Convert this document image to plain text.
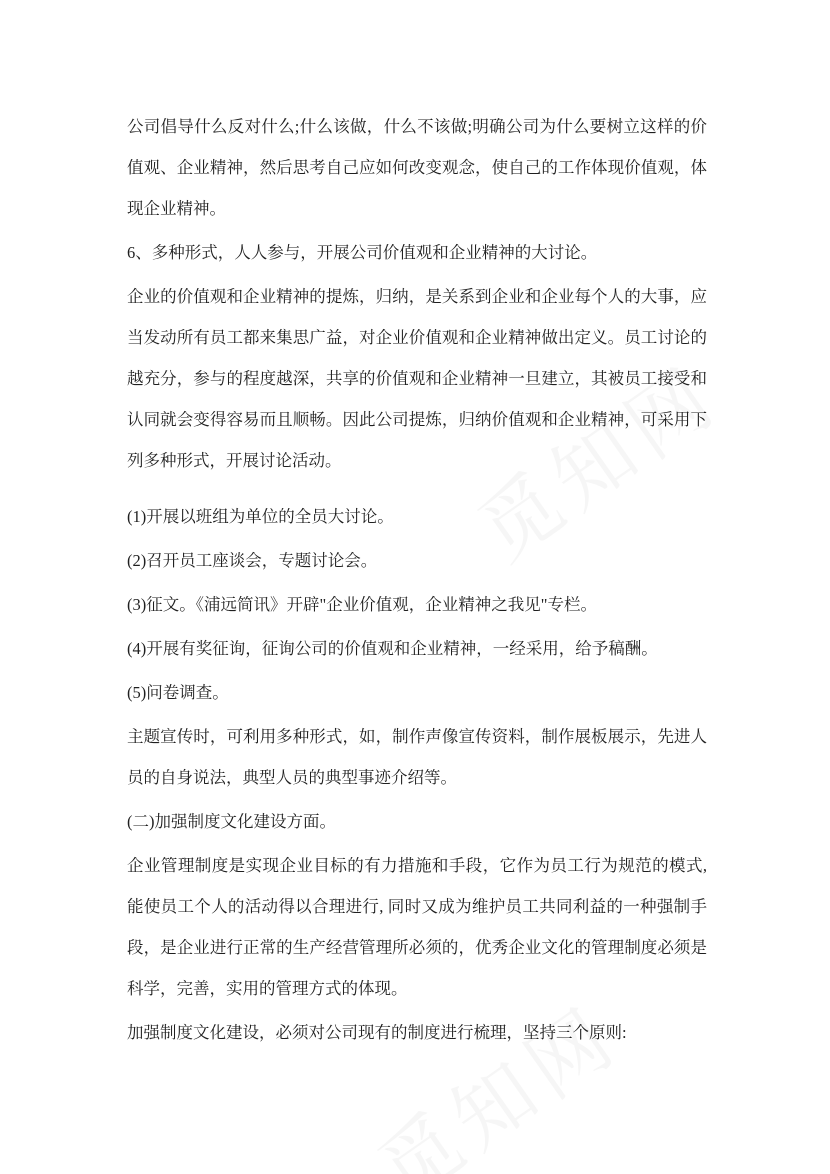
公司倡导什么反对什么;什么该做，什么不该做;明确公司为什么要树立这样的价
值观、企业精神，然后思考自己应如何改变观念，使自己的工作体现价值观，体
现企业精神。
6、多种形式，人人参与，开展公司价值观和企业精神的大讨论。
企业的价值观和企业精神的提炼，归纳，是关系到企业和企业每个人的大事，应
当发动所有员工都来集思广益，对企业价值观和企业精神做出定义。员工讨论的
越充分，参与的程度越深，共享的价值观和企业精神一旦建立，其被员工接受和
认同就会变得容易而且顺畅。因此公司提炼，归纳价值观和企业精神，可采用下
列多种形式，开展讨论活动。
(1)开展以班组为单位的全员大讨论。
(2)召开员工座谈会，专题讨论会。
(3)征文。《浦远简讯》开辟"企业价值观，企业精神之我见"专栏。
(4)开展有奖征询，征询公司的价值观和企业精神，一经采用，给予稿酬。
(5)问卷调查。
主题宣传时，可利用多种形式，如，制作声像宣传资料，制作展板展示，先进人
员的自身说法，典型人员的典型事迹介绍等。
(二)加强制度文化建设方面。
企业管理制度是实现企业目标的有力措施和手段，它作为员工行为规范的模式,
能使员工个人的活动得以合理进行, 同时又成为维护员工共同利益的一种强制手
段，是企业进行正常的生产经营管理所必须的，优秀企业文化的管理制度必须是
科学，完善，实用的管理方式的体现。
加强制度文化建设，必须对公司现有的制度进行梳理，坚持三个原则:
